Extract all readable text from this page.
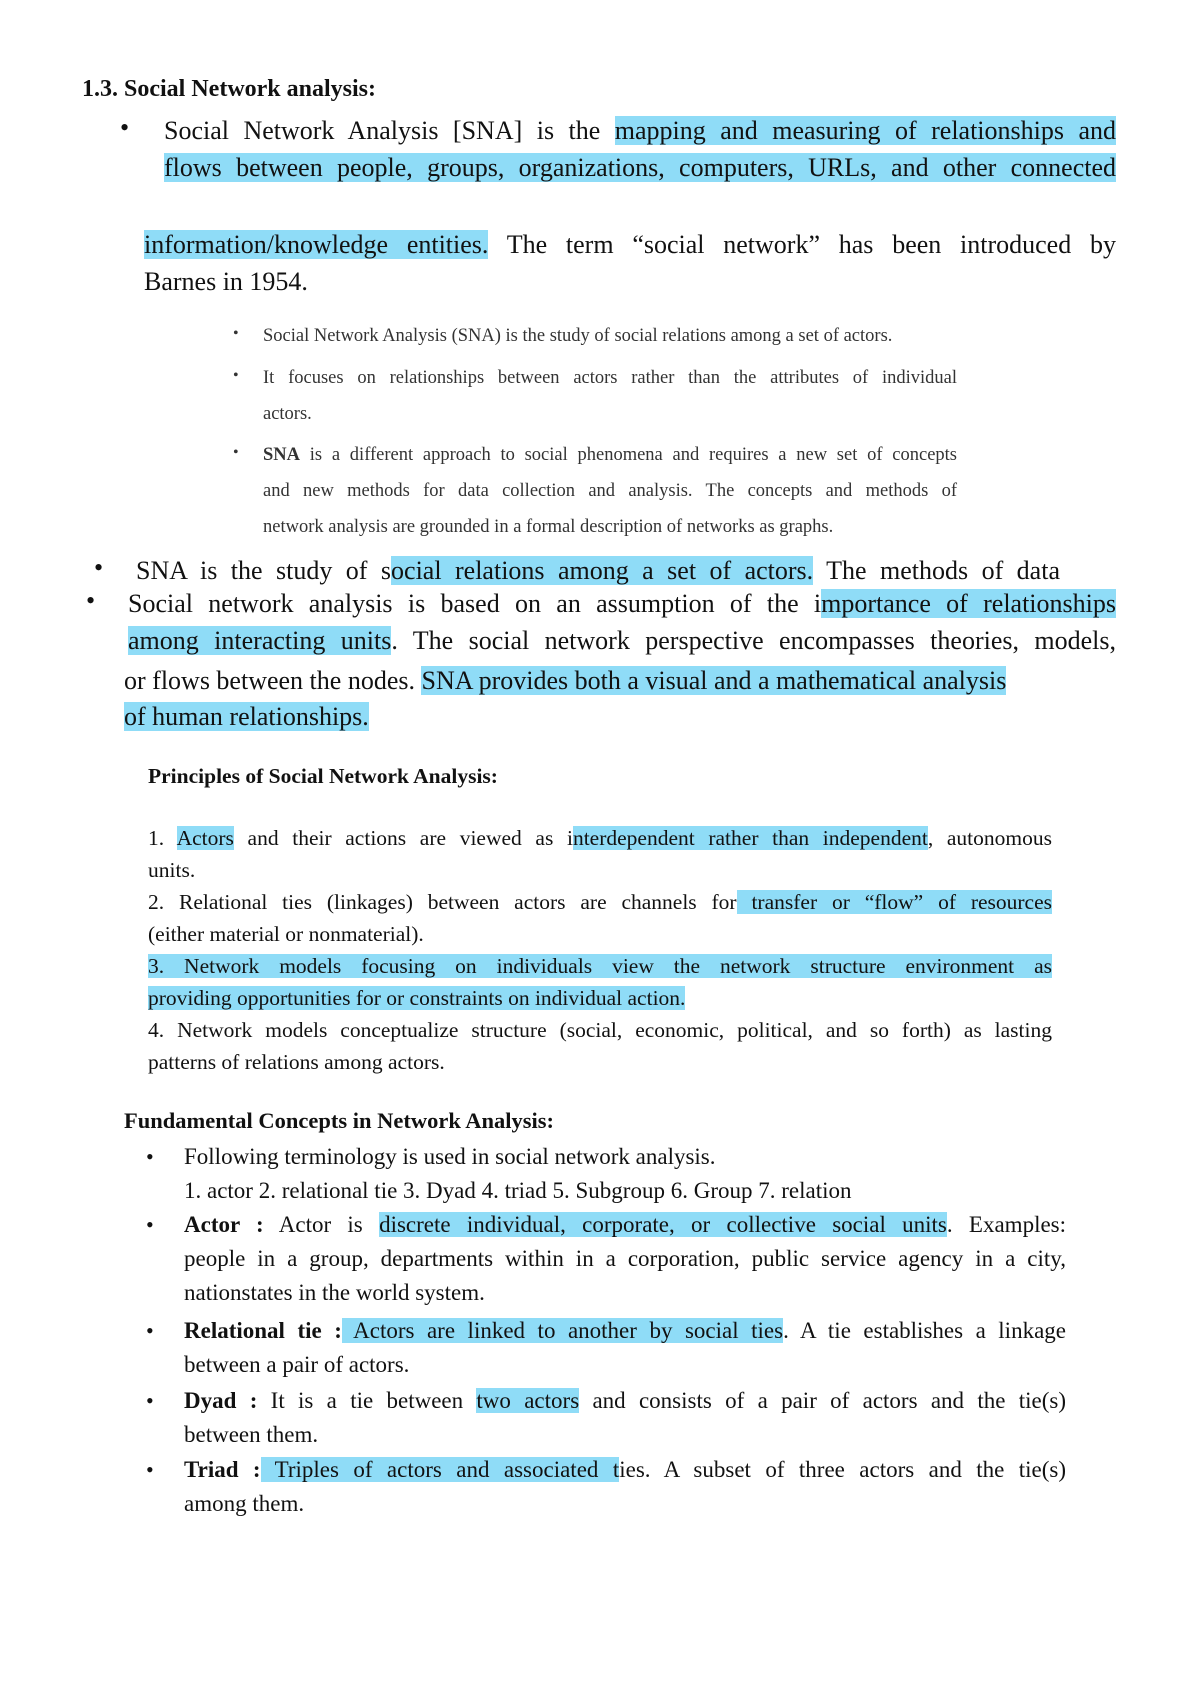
1.3. Social Network analysis:
• Social Network Analysis [SNA] is the mapping and measuring of relationships and
flows between people, groups, organizations, computers, URLs, and other connected
information/knowledge entities. The term “social network” has been introduced by
Barnes in 1954.
• Social Network Analysis (SNA) is the study of social relations among a set of actors.
• It focuses on relationships between actors rather than the attributes of individual
actors.
• SNA is a different approach to social phenomena and requires a new set of concepts
and new methods for data collection and analysis. The concepts and methods of
network analysis are grounded in a formal description of networks as graphs.
• SNA is the study of social relations among a set of actors. The methods of data
• Social network analysis is based on an assumption of the importance of relationships
among interacting units. The social network perspective encompasses theories, models,
or flows between the nodes. SNA provides both a visual and a mathematical analysis
of human relationships.
Principles of Social Network Analysis:
1. Actors and their actions are viewed as interdependent rather than independent, autonomous
units.
2. Relational ties (linkages) between actors are channels for transfer or “flow” of resources
(either material or nonmaterial).
3. Network models focusing on individuals view the network structure environment as
providing opportunities for or constraints on individual action.
4. Network models conceptualize structure (social, economic, political, and so forth) as lasting
patterns of relations among actors.
Fundamental Concepts in Network Analysis:
• Following terminology is used in social network analysis.
1. actor 2. relational tie 3. Dyad 4. triad 5. Subgroup 6. Group 7. relation
• Actor : Actor is discrete individual, corporate, or collective social units. Examples:
people in a group, departments within in a corporation, public service agency in a city,
nationstates in the world system.
• Relational tie : Actors are linked to another by social ties. A tie establishes a linkage
between a pair of actors.
• Dyad : It is a tie between two actors and consists of a pair of actors and the tie(s)
between them.
• Triad : Triples of actors and associated ties. A subset of three actors and the tie(s)
among them.
